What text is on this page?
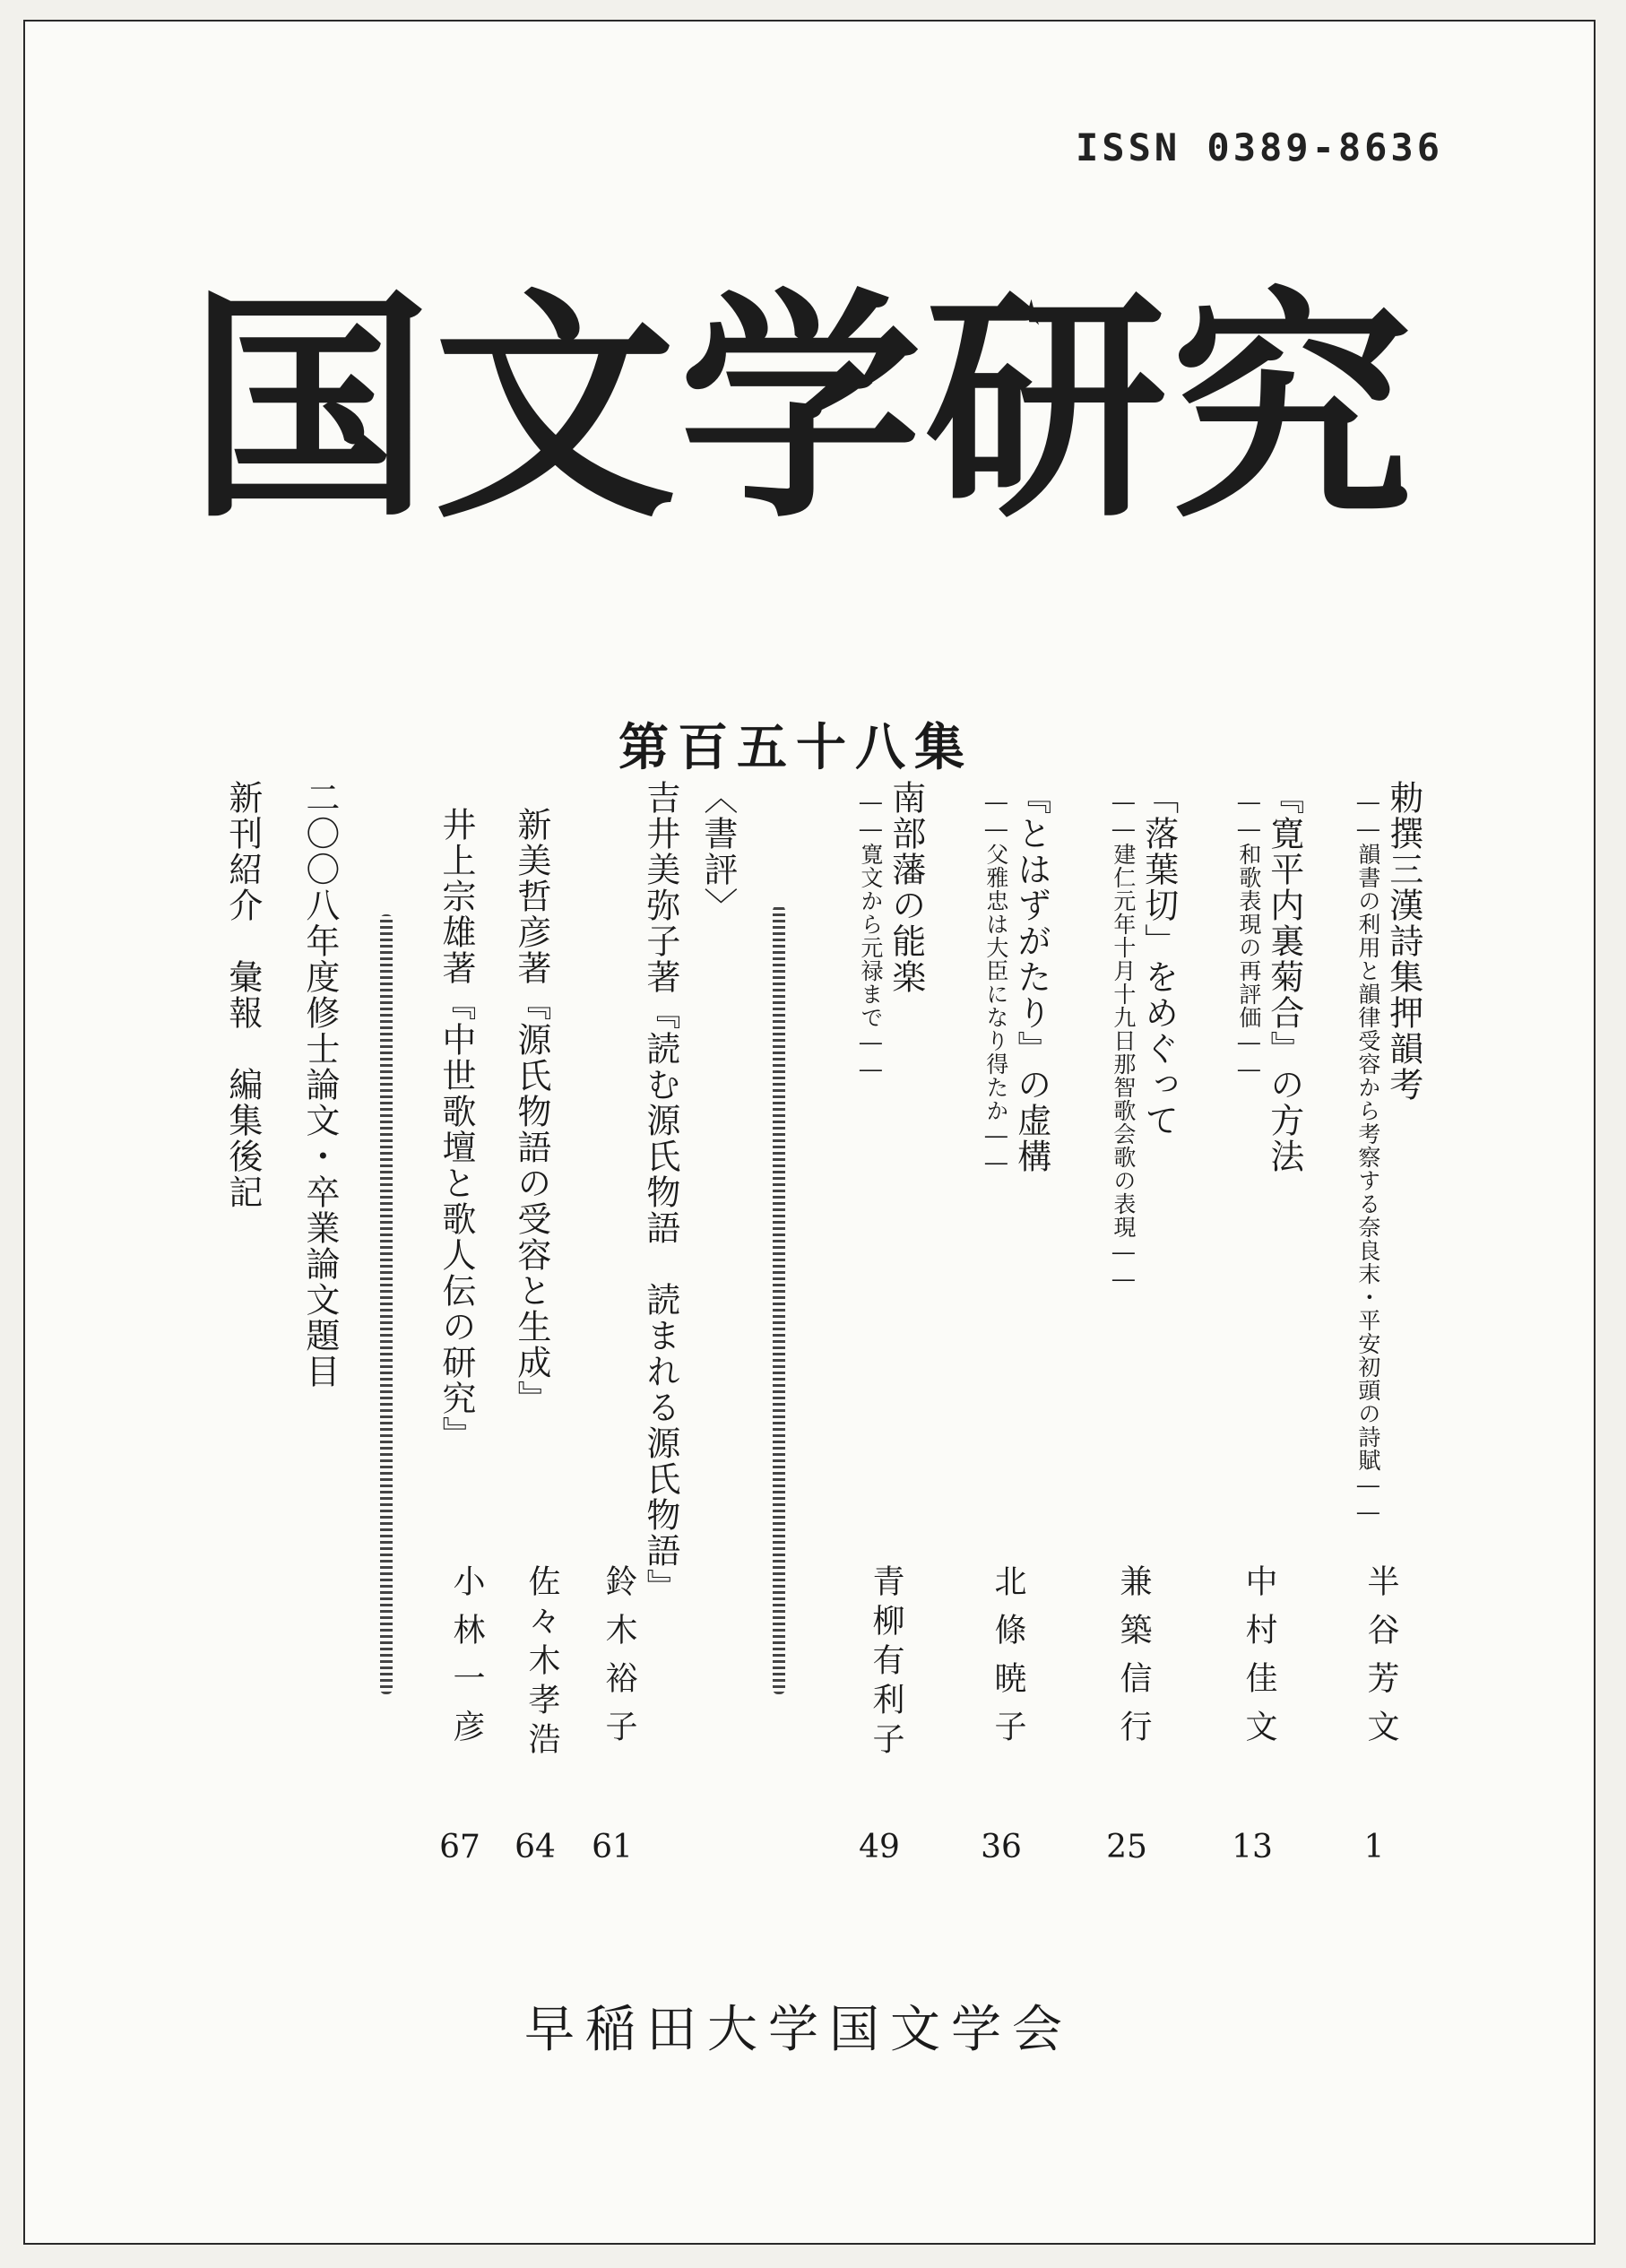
ISSN 0389-8636
国文学研究
第百五十八集
勅撰三漢詩集押韻考
――韻書の利用と韻律受容から考察する奈良末・平安初頭の詩賦――
『寛平内裏菊合』の方法
――和歌表現の再評価――
「落葉切」をめぐって
――建仁元年十月十九日那智歌会歌の表現――
『とはずがたり』の虚構
――父雅忠は大臣になり得たか――
南部藩の能楽
――寛文から元禄まで――
〈書評〉
吉井美弥子著『読む源氏物語　読まれる源氏物語』
新美哲彦著『源氏物語の受容と生成』
井上宗雄著『中世歌壇と歌人伝の研究』
二〇〇八年度修士論文・卒業論文題目
新刊紹介　彙報　編集後記
半谷芳文
中村佳文
兼築信行
北條暁子
青柳有利子
鈴木裕子
佐々木孝浩
小林一彦
1
13
25
36
49
61
64
67
早稲田大学国文学会
